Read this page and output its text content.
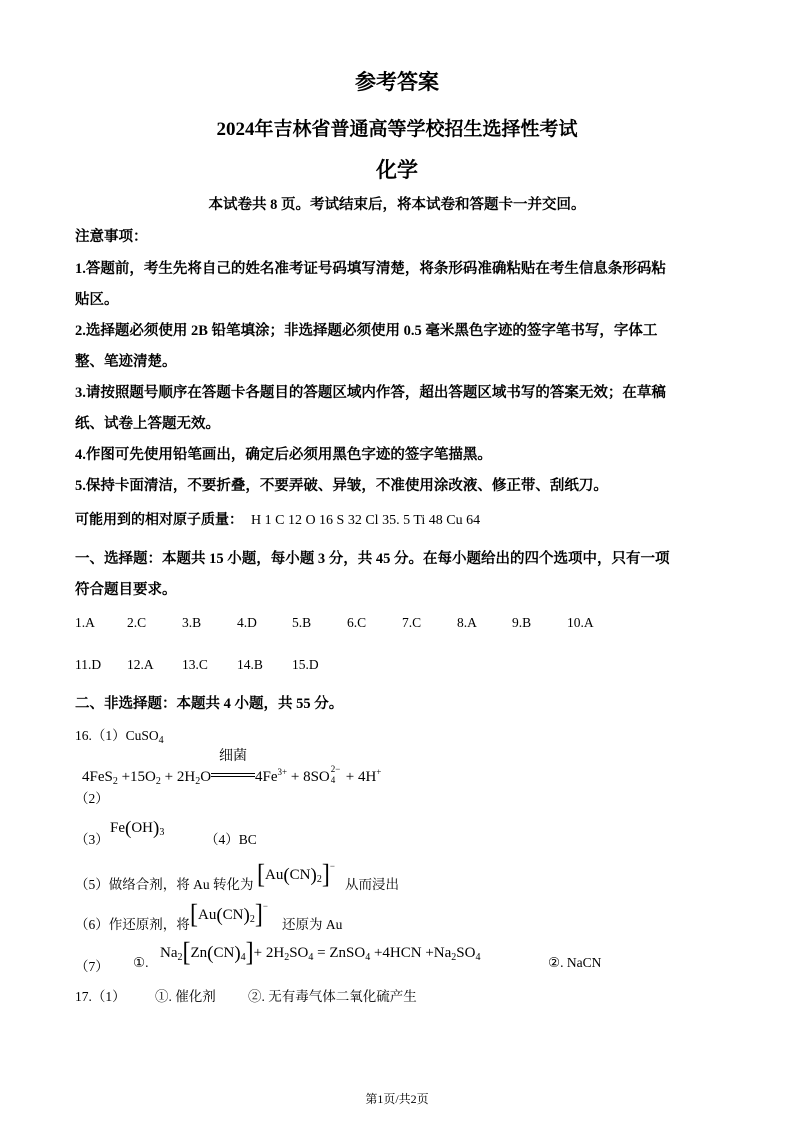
参考答案
2024年吉林省普通高等学校招生选择性考试
化学
本试卷共 8 页。考试结束后，将本试卷和答题卡一并交回。
注意事项：
1.答题前，考生先将自己的姓名准考证号码填写清楚，将条形码准确粘贴在考生信息条形码粘
贴区。
2.选择题必须使用 2B 铅笔填涂；非选择题必须使用 0.5 毫米黑色字迹的签字笔书写，字体工
整、笔迹清楚。
3.请按照题号顺序在答题卡各题目的答题区域内作答，超出答题区域书写的答案无效；在草稿
纸、试卷上答题无效。
4.作图可先使用铅笔画出，确定后必须用黑色字迹的签字笔描黑。
5.保持卡面清洁，不要折叠，不要弄破、异皱，不准使用涂改液、修正带、刮纸刀。
可能用到的相对原子质量： H 1 C 12 O 16 S 32 Cl 35. 5 Ti 48 Cu 64
一、选择题：本题共 15 小题，每小题 3 分，共 45 分。在每小题给出的四个选项中，只有一项
符合题目要求。
1.A 2.C	3.B	4.D	5.B	6.C	7.C	8.A	9.B	10.A
11.D 12.A 13.C 14.B 15.D
二、非选择题：本题共 4 小题，共 55 分。
16.（1）CuSO$_4$
$4FeS_2 +15O_2 + 2H_2O$
细菌
$4Fe^{3+} + 8SO$ 2−
4 + 4H+
（2）
（3）
$Fe(OH)_3$	（4）BC
（5）做络合剂，将 Au 转化为 $[Au(CN)_2]^-$
从而浸出
（6）作还原剂，将 $[Au(CN)_2]^-$
还原为 Au
（7） ①.
$Na_2[Zn(CN)_4]+ 2H_2SO_4$ = ZnSO$_4$ $+4HCN +Na_2SO_4$	②. NaCN
17.（1） ①. 催化剂 ②. 无有毒气体二氧化硫产生
第1页/共2页
